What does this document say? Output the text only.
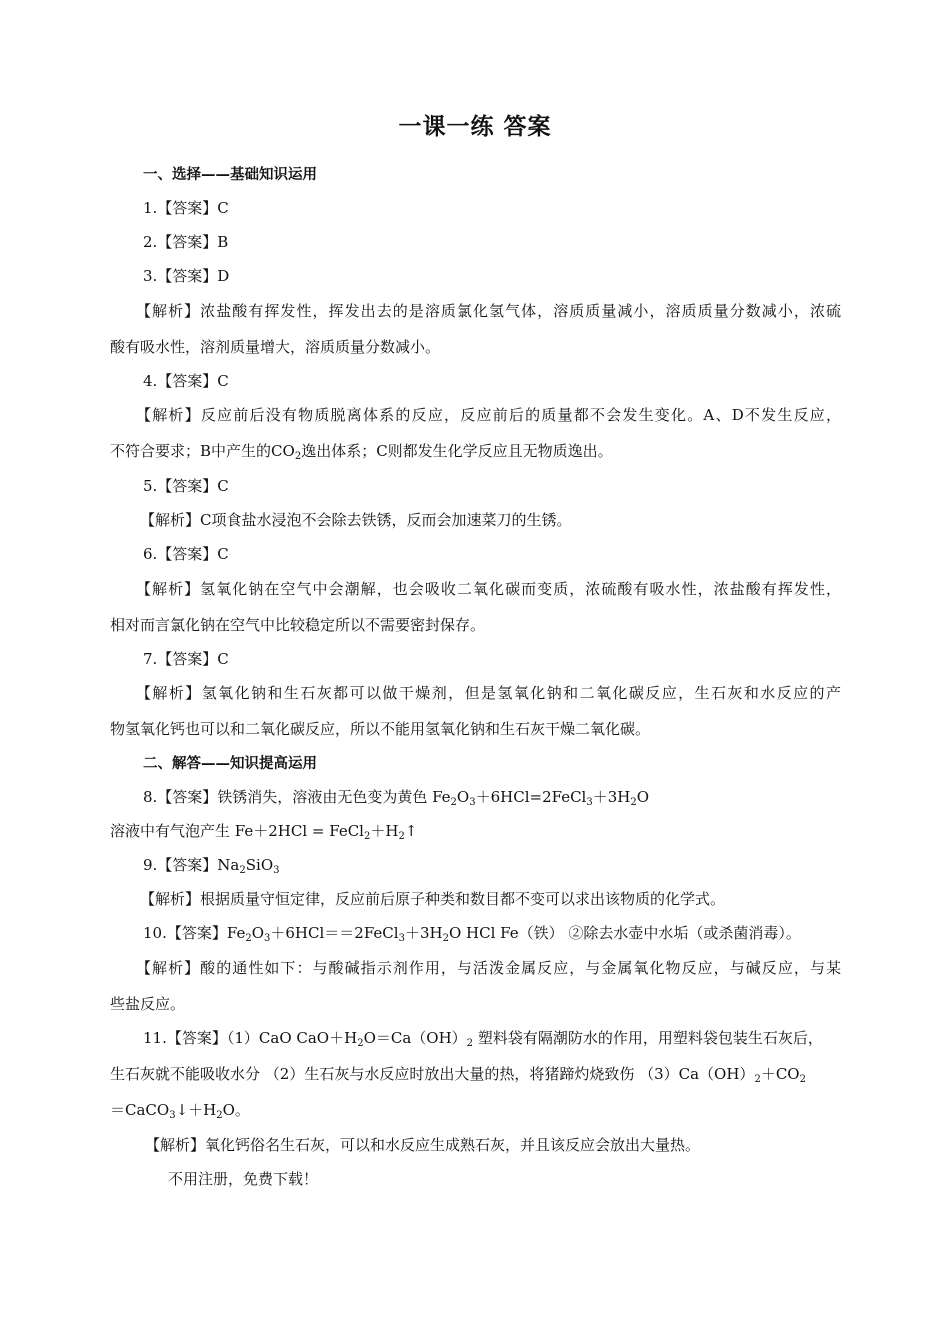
一课一练 答案
一、选择——基础知识运用
1.【答案】C
2.【答案】B
3.【答案】D
【解析】浓盐酸有挥发性，挥发出去的是溶质氯化氢气体，溶质质量减小，溶质质量分数减小，浓硫
酸有吸水性，溶剂质量增大，溶质质量分数减小。
4.【答案】C
【解析】反应前后没有物质脱离体系的反应，反应前后的质量都不会发生变化。A、D不发生反应，
不符合要求；B中产生的$CO_2$逸出体系；C则都发生化学反应且无物质逸出。
5.【答案】C
【解析】C项食盐水浸泡不会除去铁锈，反而会加速菜刀的生锈。
6.【答案】C
【解析】氢氧化钠在空气中会潮解，也会吸收二氧化碳而变质，浓硫酸有吸水性，浓盐酸有挥发性，
相对而言氯化钠在空气中比较稳定所以不需要密封保存。
7.【答案】C
【解析】氢氧化钠和生石灰都可以做干燥剂，但是氢氧化钠和二氧化碳反应，生石灰和水反应的产
物氢氧化钙也可以和二氧化碳反应，所以不能用氢氧化钠和生石灰干燥二氧化碳。
二、解答——知识提高运用
8.【答案】铁锈消失，溶液由无色变为黄色 $Fe_2O_3+6HCl=2FeCl_3+3H_2O$
溶液中有气泡产生 $Fe+2HCl = FeCl_2+H_2↑$
9.【答案】$Na_2SiO_3$
【解析】根据质量守恒定律，反应前后原子种类和数目都不变可以求出该物质的化学式。
10.【答案】$Fe_2O_3+6HCl==2FeCl_3+3H_2O$ HCl Fe（铁） ②除去水壶中水垢（或杀菌消毒）。
【解析】酸的通性如下：与酸碱指示剂作用，与活泼金属反应，与金属氧化物反应，与碱反应，与某
些盐反应。
11.【答案】（1）CaO $CaO+H_2O=Ca(OH)_2$ 塑料袋有隔潮防水的作用，用塑料袋包装生石灰后，
生石灰就不能吸收水分 （2）生石灰与水反应时放出大量的热，将猪蹄灼烧致伤 $(3)Ca(OH)_2+CO_2$
$=CaCO_3↓+H_2O$。
【解析】氧化钙俗名生石灰，可以和水反应生成熟石灰，并且该反应会放出大量热。
不用注册，免费下载！
